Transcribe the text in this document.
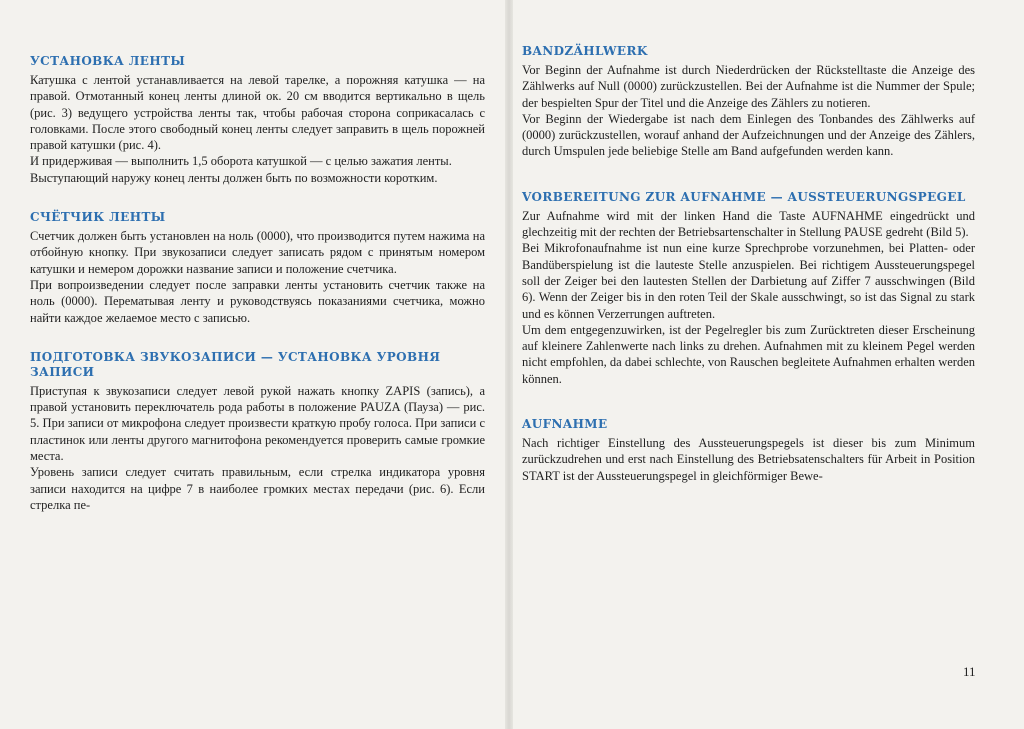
УСТАНОВКА ЛЕНТЫ

Катушка с лентой устанавливается на левой тарелке, а порожняя катушка — на правой. Отмотанный конец ленты длиной ок. 20 см вводится вертикально в щель (рис. 3) ведущего устройства ленты так, чтобы рабочая сторона соприкасалась с головками. После этого свободный конец ленты следует заправить в щель порожней правой катушки (рис. 4).

И придерживая — выполнить 1,5 оборота катушкой — с целью зажатия ленты.

Выступающий наружу конец ленты должен быть по возможности коротким.

СЧЁТЧИК ЛЕНТЫ

Счетчик должен быть установлен на ноль (0000), что производится путем нажима на отбойную кнопку. При звукозаписи следует записать рядом с принятым номером катушки и немером дорожки название записи и положение счетчика.

При вопроизведении следует после заправки ленты установить счетчик также на ноль (0000). Перематывая ленту и руководствуясь показаниями счетчика, можно найти каждое желаемое место с записью.

ПОДГОТОВКА ЗВУКОЗАПИСИ — УСТАНОВКА УРОВНЯ ЗАПИСИ

Приступая к звукозаписи следует левой рукой нажать кнопку ZAPIS (запись), а правой установить переключатель рода работы в положение PAUZA (Пауза) — рис. 5. При записи от микрофона следует произвести краткую пробу голоса. При записи с пластинок или ленты другого магнитофона рекомендуется проверить самые громкие места.

Уровень записи следует считать правильным, если стрелка индикатора уровня записи находится на цифре 7 в наиболее громких местах передачи (рис. 6). Если стрелка пе-

BANDZÄHLWERK

Vor Beginn der Aufnahme ist durch Niederdrücken der Rückstelltaste die Anzeige des Zählwerks auf Null (0000) zurückzustellen. Bei der Aufnahme ist die Nummer der Spule; der bespielten Spur der Titel und die Anzeige des Zählers zu notieren.

Vor Beginn der Wiedergabe ist nach dem Einlegen des Tonbandes des Zählwerks auf (0000) zurückzustellen, worauf anhand der Aufzeichnungen und der Anzeige des Zählers, durch Umspulen jede beliebige Stelle am Band aufgefunden werden kann.

VORBEREITUNG ZUR AUFNAHME — AUSSTEUERUNGSPEGEL

Zur Aufnahme wird mit der linken Hand die Taste AUFNAHME eingedrückt und glechzeitig mit der rechten der Betriebsartenschalter in Stellung PAUSE gedreht (Bild 5).

Bei Mikrofonaufnahme ist nun eine kurze Sprechprobe vorzunehmen, bei Platten- oder Bandüberspielung ist die lauteste Stelle anzuspielen. Bei richtigem Aussteuerungspegel soll der Zeiger bei den lautesten Stellen der Darbietung auf Ziffer 7 ausschwingen (Bild 6). Wenn der Zeiger bis in den roten Teil der Skale ausschwingt, so ist das Signal zu stark und es können Verzerrungen auftreten.

Um dem entgegenzuwirken, ist der Pegelregler bis zum Zurücktreten dieser Erscheinung auf kleinere Zahlenwerte nach links zu drehen. Aufnahmen mit zu kleinem Pegel werden nicht empfohlen, da dabei schlechte, von Rauschen begleitete Aufnahmen erhalten werden können.

AUFNAHME

Nach richtiger Einstellung des Aussteuerungspegels ist dieser bis zum Minimum zurückzudrehen und erst nach Einstellung des Betriebsatenschalters für Arbeit in Position START ist der Aussteuerungspegel in gleichförmiger Bewe-

11
